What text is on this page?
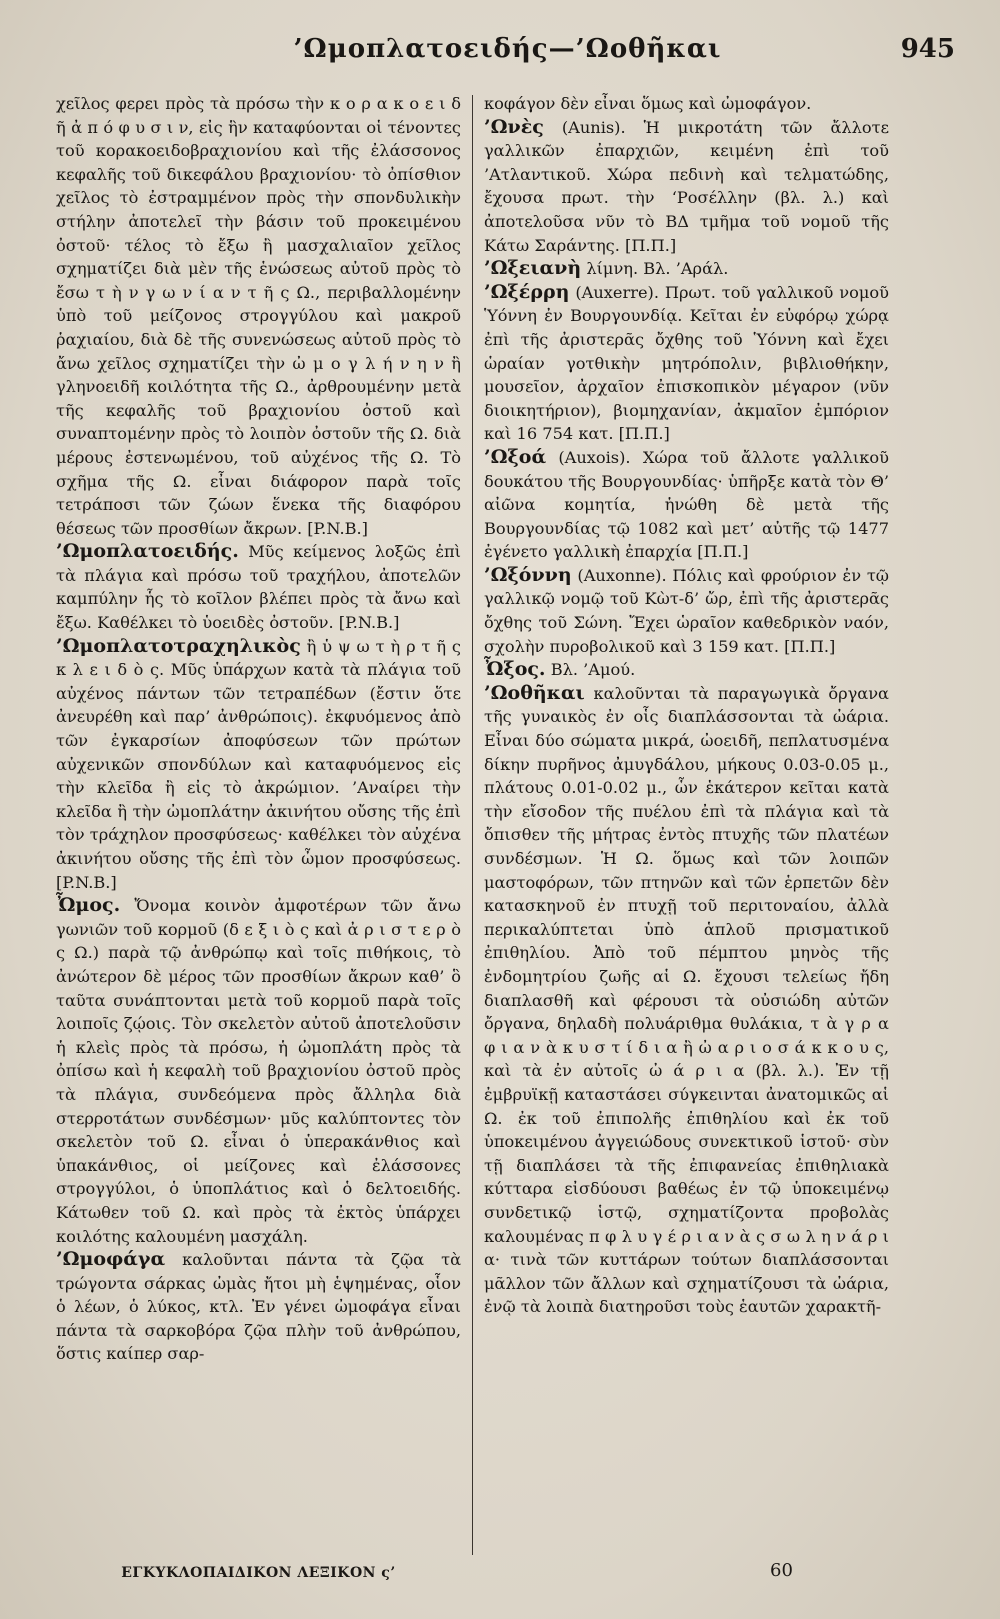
’Ωμοπλατοειδής—’Ωοθῆκαι	945

χεῖλος φερει πρὸς τὰ πρόσω τὴν κ ο ρ α κ ο ε ι δ ῆ ἀ π ό φ υ σ ι ν, εἰς ἣν καταφύονται οἱ τένοντες τοῦ κορακοειδοβραχιονίου καὶ τῆς ἐλάσσονος κεφαλῆς τοῦ δικεφάλου βραχιονίου· τὸ ὀπίσθιον χεῖλος τὸ ἐστραμμένον πρὸς τὴν σπονδυλικὴν στήλην ἀποτελεῖ τὴν βάσιν τοῦ προκειμένου ὀστοῦ· τέλος τὸ ἔξω ἢ μασχαλιαῖον χεῖλος σχηματίζει διὰ μὲν τῆς ἑνώσεως αὐτοῦ πρὸς τὸ ἔσω τ ὴ ν γ ω ν ί α ν τ ῆ ς Ω., περιβαλλομένην ὑπὸ τοῦ μείζονος στρογγύλου καὶ μακροῦ ῥαχιαίου, διὰ δὲ τῆς συνενώσεως αὐτοῦ πρὸς τὸ ἄνω χεῖλος σχηματίζει τὴν ὠ μ ο γ λ ή ν η ν ἢ γληνοειδῆ κοιλότητα τῆς Ω., ἀρθρουμένην μετὰ τῆς κεφαλῆς τοῦ βραχιονίου ὀστοῦ καὶ συναπτομένην πρὸς τὸ λοιπὸν ὀστοῦν τῆς Ω. διὰ μέρους ἐστενωμένου, τοῦ αὐχένος τῆς Ω. Τὸ σχῆμα τῆς Ω. εἶναι διάφορον παρὰ τοῖς τετράποσι τῶν ζώων ἕνεκα τῆς διαφόρου θέσεως τῶν προσθίων ἄκρων. [P.N.B.]

’Ωμοπλατοειδής. Μῦς κείμενος λοξῶς ἐπὶ τὰ πλάγια καὶ πρόσω τοῦ τραχήλου, ἀποτελῶν καμπύλην ἧς τὸ κοῖλον βλέπει πρὸς τὰ ἄνω καὶ ἔξω. Καθέλκει τὸ ὑοειδὲς ὀστοῦν. [P.N.B.]

’Ωμοπλατοτραχηλικὸς ἢ ὑ ψ ω τ ὴ ρ τ ῆ ς κ λ ε ι δ ὸ ς. Μῦς ὑπάρχων κατὰ τὰ πλάγια τοῦ αὐχένος πάντων τῶν τετραπέδων (ἔστιν ὅτε ἀνευρέθη καὶ παρ’ ἀνθρώποις). ἐκφυόμενος ἀπὸ τῶν ἐγκαρσίων ἀποφύσεων τῶν πρώτων αὐχενικῶν σπονδύλων καὶ καταφυόμενος εἰς τὴν κλεῖδα ἢ εἰς τὸ ἀκρώμιον. ’Αναίρει τὴν κλεῖδα ἢ τὴν ὠμοπλάτην ἀκινήτου οὔσης τῆς ἐπὶ τὸν τράχηλον προσφύσεως· καθέλκει τὸν αὐχένα ἀκινήτου οὔσης τῆς ἐπὶ τὸν ὦμον προσφύσεως. [P.N.B.]

Ὦμος. Ὄνομα κοινὸν ἀμφοτέρων τῶν ἄνω γωνιῶν τοῦ κορμοῦ (δ ε ξ ι ὸ ς καὶ ἀ ρ ι σ τ ε ρ ὸ ς Ω.) παρὰ τῷ ἀνθρώπῳ καὶ τοῖς πιθήκοις, τὸ ἀνώτερον δὲ μέρος τῶν προσθίων ἄκρων καθ’ ὃ ταῦτα συνάπτονται μετὰ τοῦ κορμοῦ παρὰ τοῖς λοιποῖς ζῴοις. Τὸν σκελετὸν αὐτοῦ ἀποτελοῦσιν ἡ κλεὶς πρὸς τὰ πρόσω, ἡ ὠμοπλάτη πρὸς τὰ ὀπίσω καὶ ἡ κεφαλὴ τοῦ βραχιονίου ὀστοῦ πρὸς τὰ πλάγια, συνδεόμενα πρὸς ἄλληλα διὰ στερροτάτων συνδέσμων· μῦς καλύπτοντες τὸν σκελετὸν τοῦ Ω. εἶναι ὁ ὑπερακάνθιος καὶ ὑπακάνθιος, οἱ μείζονες καὶ ἐλάσσονες στρογγύλοι, ὁ ὑποπλάτιος καὶ ὁ δελτοειδής. Κάτωθεν τοῦ Ω. καὶ πρὸς τὰ ἐκτὸς ὑπάρχει κοιλότης καλουμένη μασχάλη.

’Ωμοφάγα καλοῦνται πάντα τὰ ζῷα τὰ τρώγοντα σάρκας ὠμὰς ἤτοι μὴ ἑψημένας, οἷον ὁ λέων, ὁ λύκος, κτλ. Ἐν γένει ὠμοφάγα εἶναι πάντα τὰ σαρκοβόρα ζῷα πλὴν τοῦ ἀνθρώπου, ὅστις καίπερ σαρ-

κοφάγον δὲν εἶναι ὅμως καὶ ὠμοφάγον.

’Ωνὲς (Aunis). Ἡ μικροτάτη τῶν ἄλλοτε γαλλικῶν ἐπαρχιῶν, κειμένη ἐπὶ τοῦ ’Ατλαντικοῦ. Χώρα πεδινὴ καὶ τελματώδης, ἔχουσα πρωτ. τὴν ‘Ροσέλλην (βλ. λ.) καὶ ἀποτελοῦσα νῦν τὸ ΒΔ τμῆμα τοῦ νομοῦ τῆς Κάτω Σαράντης. [Π.Π.]

’Ωξειανὴ λίμνη. Βλ. ’Αράλ.

’Ωξέρρη (Auxerre). Πρωτ. τοῦ γαλλικοῦ νομοῦ Ὑόννη ἐν Βουργουνδίᾳ. Κεῖται ἐν εὐφόρῳ χώρᾳ ἐπὶ τῆς ἀριστερᾶς ὄχθης τοῦ Ὑόννη καὶ ἔχει ὡραίαν γοτθικὴν μητρόπολιν, βιβλιοθήκην, μουσεῖον, ἀρχαῖον ἐπισκοπικὸν μέγαρον (νῦν διοικητήριον), βιομηχανίαν, ἀκμαῖον ἐμπόριον καὶ 16 754 κατ. [Π.Π.]

’Ωξοά (Auxois). Χώρα τοῦ ἄλλοτε γαλλικοῦ δουκάτου τῆς Βουργουνδίας· ὑπῆρξε κατὰ τὸν Θ’ αἰῶνα κομητία, ἡνώθη δὲ μετὰ τῆς Βουργουνδίας τῷ 1082 καὶ μετ’ αὐτῆς τῷ 1477 ἐγένετο γαλλικὴ ἐπαρχία [Π.Π.]

’Ωξόννη (Auxonne). Πόλις καὶ φρούριον ἐν τῷ γαλλικῷ νομῷ τοῦ Κὼτ-δ’ ὤρ, ἐπὶ τῆς ἀριστερᾶς ὄχθης τοῦ Σώνη. Ἔχει ὡραῖον καθεδρικὸν ναόν, σχολὴν πυροβολικοῦ καὶ 3 159 κατ. [Π.Π.]

Ὦξος. Βλ. ’Αμού.

’Ωοθῆκαι καλοῦνται τὰ παραγωγικὰ ὄργανα τῆς γυναικὸς ἐν οἷς διαπλάσσονται τὰ ὠάρια. Εἶναι δύο σώματα μικρά, ὠοειδῆ, πεπλατυσμένα δίκην πυρῆνος ἀμυγδάλου, μήκους 0.03-0.05 μ., πλάτους 0.01-0.02 μ., ὧν ἑκάτερον κεῖται κατὰ τὴν εἴσοδον τῆς πυέλου ἐπὶ τὰ πλάγια καὶ τὰ ὄπισθεν τῆς μήτρας ἐντὸς πτυχῆς τῶν πλατέων συνδέσμων. Ἡ Ω. ὅμως καὶ τῶν λοιπῶν μαστοφόρων, τῶν πτηνῶν καὶ τῶν ἑρπετῶν δὲν κατασκηνοῦ ἐν πτυχῇ τοῦ περιτοναίου, ἀλλὰ περικαλύπτεται ὑπὸ ἁπλοῦ πρισματικοῦ ἐπιθηλίου. Ἀπὸ τοῦ πέμπτου μηνὸς τῆς ἐνδομητρίου ζωῆς αἱ Ω. ἔχουσι τελείως ἤδη διαπλασθῆ καὶ φέρουσι τὰ οὐσιώδη αὐτῶν ὄργανα, δηλαδὴ πολυάριθμα θυλάκια, τ ὰ γ ρ α φ ι α ν ὰ κ υ σ τ ί δ ι α ἢ ὠ α ρ ι ο σ ά κ κ ο υ ς, καὶ τὰ ἐν αὐτοῖς ὠ ά ρ ι α (βλ. λ.). Ἐν τῇ ἐμβρυϊκῇ καταστάσει σύγκεινται ἀνατομικῶς αἱ Ω. ἐκ τοῦ ἐπιπολῆς ἐπιθηλίου καὶ ἐκ τοῦ ὑποκειμένου ἀγγειώδους συνεκτικοῦ ἱστοῦ· σὺν τῇ διαπλάσει τὰ τῆς ἐπιφανείας ἐπιθηλιακὰ κύτταρα εἰσδύουσι βαθέως ἐν τῷ ὑποκειμένῳ συνδετικῷ ἱστῷ, σχηματίζοντα προβολὰς καλουμένας π φ λ υ γ έ ρ ι α ν ὰ ς σ ω λ η ν ά ρ ι α· τινὰ τῶν κυττάρων τούτων διαπλάσσονται μᾶλλον τῶν ἄλλων καὶ σχηματίζουσι τὰ ὠάρια, ἐνῷ τὰ λοιπὰ διατηροῦσι τοὺς ἑαυτῶν χαρακτῆ-

ΕΓΚΥΚΛΟΠΑΙΔΙΚΟΝ ΛΕΞΙΚΟΝ ς’	60
